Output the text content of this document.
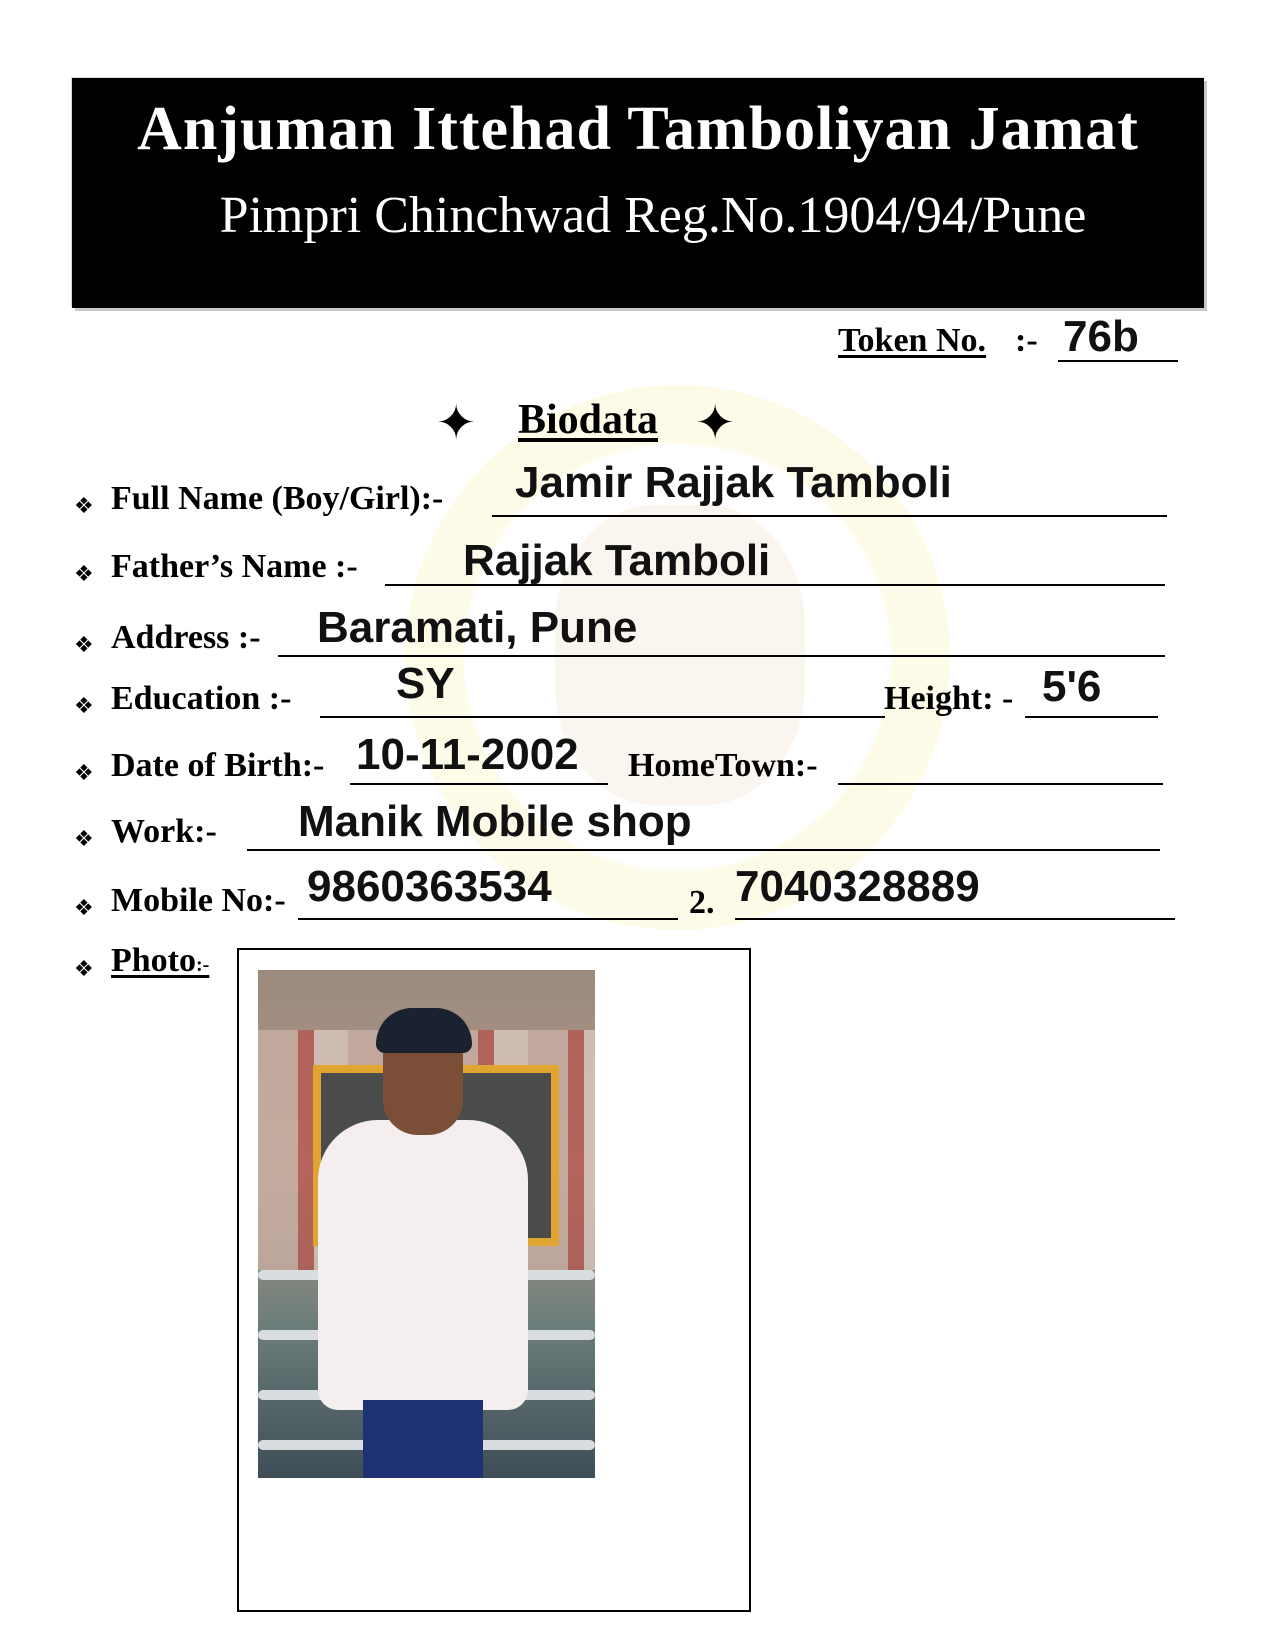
Anjuman Ittehad Tamboliyan Jamat
Pimpri Chinchwad Reg.No.1904/94/Pune
Token No. :- 76b
✦ Biodata ✦
❖ Full Name (Boy/Girl):- Jamir Rajjak Tamboli
❖ Father’s Name :- Rajjak Tamboli
❖ Address :- Baramati, Pune
❖ Education :- SY	Height: - 5'6
❖ Date of Birth:- 10-11-2002 HomeTown:-
❖ Work:- Manik Mobile shop
❖ Mobile No:- 9860363534	2. 7040328889
❖ Photo:-
